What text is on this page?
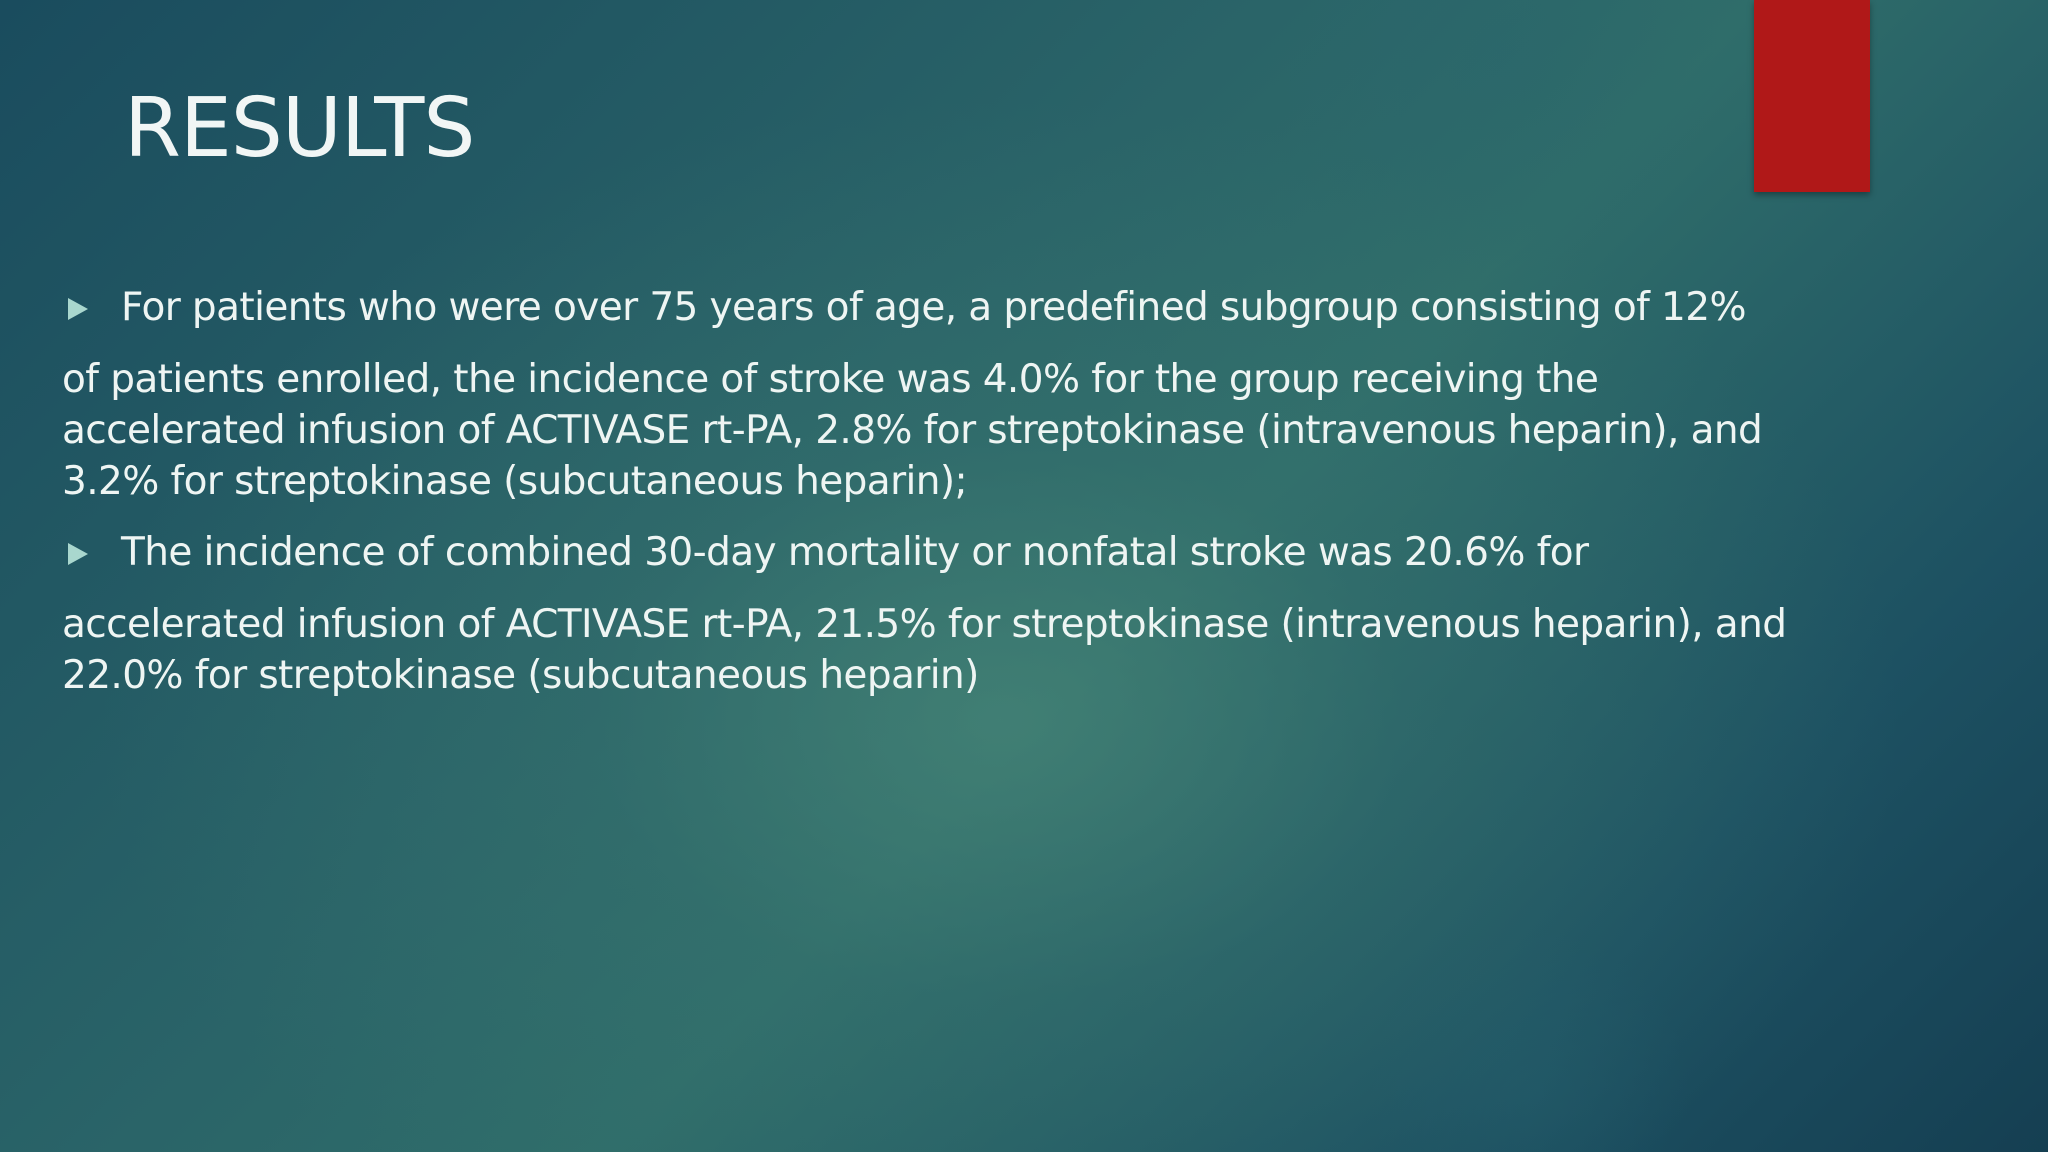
RESULTS
For patients who were over 75 years of age, a predefined subgroup consisting of 12%
of patients enrolled, the incidence of stroke was 4.0% for the group receiving the
accelerated infusion of ACTIVASE rt-PA, 2.8% for streptokinase (intravenous heparin), and
3.2% for streptokinase (subcutaneous heparin);
The incidence of combined 30-day mortality or nonfatal stroke was 20.6% for
accelerated infusion of ACTIVASE rt-PA, 21.5% for streptokinase (intravenous heparin), and
22.0% for streptokinase (subcutaneous heparin)
